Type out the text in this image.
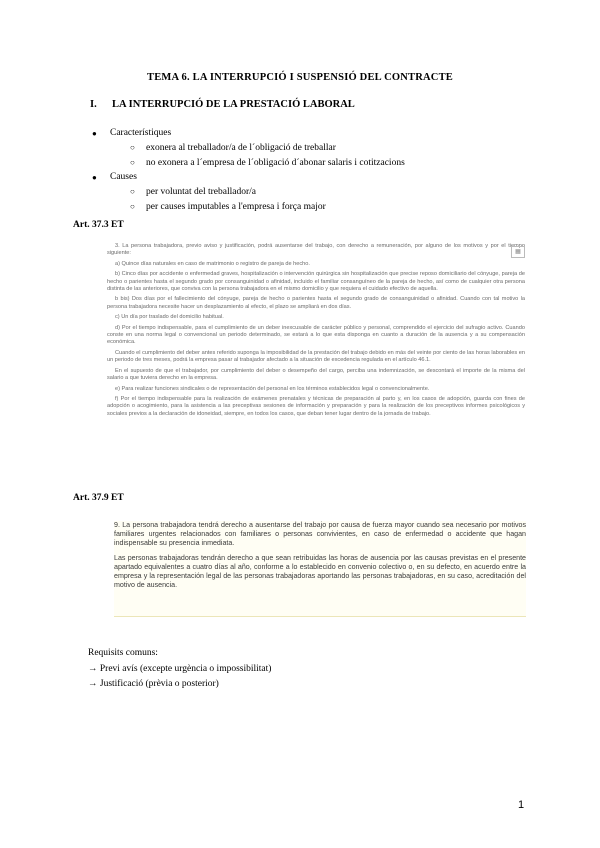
TEMA 6. LA INTERRUPCIÓ I SUSPENSIÓ DEL CONTRACTE
I. LA INTERRUPCIÓ DE LA PRESTACIÓ LABORAL
● Característiques
○ exonera al treballador/a de l´obligació de treballar
○ no exonera a l´empresa de l´obligació d´abonar salaris i cotitzacions
● Causes
○ per voluntat del treballador/a
○ per causes imputables a l'empresa i força major
Art. 37.3 ET
▦

3. La persona trabajadora, previo aviso y justificación, podrá ausentarse del trabajo, con derecho a remuneración, por alguno de los motivos y por el tiempo siguiente:

a) Quince días naturales en caso de matrimonio o registro de pareja de hecho.

b) Cinco días por accidente o enfermedad graves, hospitalización o intervención quirúrgica sin hospitalización que precise reposo domiciliario del cónyuge, pareja de hecho o parientes hasta el segundo grado por consanguinidad o afinidad, incluido el familiar consanguíneo de la pareja de hecho, así como de cualquier otra persona distinta de las anteriores, que conviva con la persona trabajadora en el mismo domicilio y que requiera el cuidado efectivo de aquella.

b bis) Dos días por el fallecimiento del cónyuge, pareja de hecho o parientes hasta el segundo grado de consanguinidad o afinidad. Cuando con tal motivo la persona trabajadora necesite hacer un desplazamiento al efecto, el plazo se ampliará en dos días.

c) Un día por traslado del domicilio habitual.

d) Por el tiempo indispensable, para el cumplimiento de un deber inexcusable de carácter público y personal, comprendido el ejercicio del sufragio activo. Cuando conste en una norma legal o convencional un periodo determinado, se estará a lo que esta disponga en cuanto a duración de la ausencia y a su compensación económica.

Cuando el cumplimiento del deber antes referido suponga la imposibilidad de la prestación del trabajo debido en más del veinte por ciento de las horas laborables en un periodo de tres meses, podrá la empresa pasar al trabajador afectado a la situación de excedencia regulada en el artículo 46.1.

En el supuesto de que el trabajador, por cumplimiento del deber o desempeño del cargo, perciba una indemnización, se descontará el importe de la misma del salario a que tuviera derecho en la empresa.

e) Para realizar funciones sindicales o de representación del personal en los términos establecidos legal o convencionalmente.

f) Por el tiempo indispensable para la realización de exámenes prenatales y técnicas de preparación al parto y, en los casos de adopción, guarda con fines de adopción o acogimiento, para la asistencia a las preceptivas sesiones de información y preparación y para la realización de los preceptivos informes psicológicos y sociales previos a la declaración de idoneidad, siempre, en todos los casos, que deban tener lugar dentro de la jornada de trabajo.

Art. 37.9 ET

9. La persona trabajadora tendrá derecho a ausentarse del trabajo por causa de fuerza mayor cuando sea necesario por motivos familiares urgentes relacionados con familiares o personas convivientes, en caso de enfermedad o accidente que hagan indispensable su presencia inmediata.

Las personas trabajadoras tendrán derecho a que sean retribuidas las horas de ausencia por las causas previstas en el presente apartado equivalentes a cuatro días al año, conforme a lo establecido en convenio colectivo o, en su defecto, en acuerdo entre la empresa y la representación legal de las personas trabajadoras aportando las personas trabajadoras, en su caso, acreditación del motivo de ausencia.

Requisits comuns:
→ Previ avís (excepte urgència o impossibilitat)
→ Justificació (prèvia o posterior)
1
